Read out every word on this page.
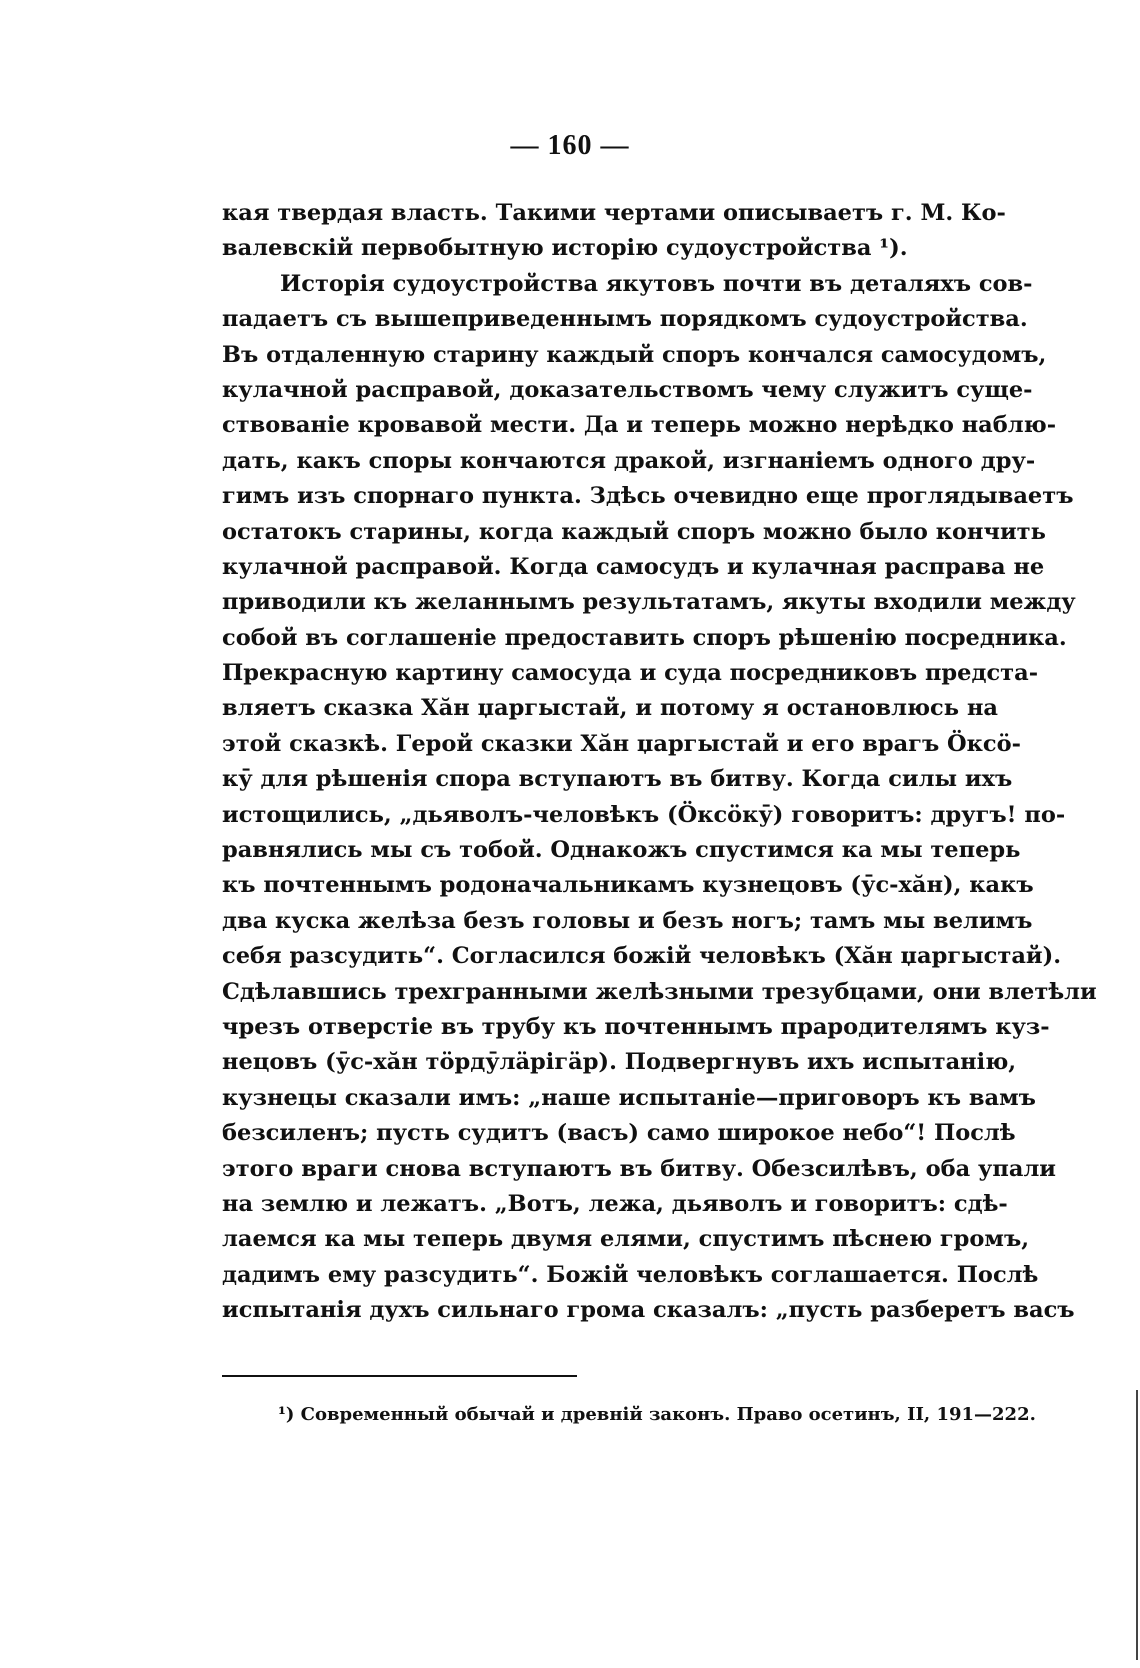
— 160 —
кая твердая власть. Такими чертами описываетъ г. М. Ко-
валевскій первобытную исторію судоустройства ¹).
Исторія судоустройства якутовъ почти въ деталяхъ сов-
падаетъ съ вышеприведеннымъ порядкомъ судоустройства.
Въ отдаленную старину каждый споръ кончался самосудомъ,
кулачной расправой, доказательствомъ чему служитъ суще-
ствованіе кровавой мести. Да и теперь можно нерѣдко наблю-
дать, какъ споры кончаются дракой, изгнаніемъ одного дру-
гимъ изъ спорнаго пункта. Здѣсь очевидно еще проглядываетъ
остатокъ старины, когда каждый споръ можно было кончить
кулачной расправой. Когда самосудъ и кулачная расправа не
приводили къ желаннымъ результатамъ, якуты входили между
собой въ соглашеніе предоставить споръ рѣшенію посредника.
Прекрасную картину самосуда и суда посредниковъ предста-
вляетъ сказка Хӑн џаргыстай, и потому я остановлюсь на
этой сказкѣ. Герой сказки Хӑн џаргыстай и его врагъ Ӧксӧ-
кӯ для рѣшенія спора вступаютъ въ битву. Когда силы ихъ
истощились, „дьяволъ-человѣкъ (Ӧксӧкӯ) говоритъ: другъ! по-
равнялись мы съ тобой. Однакожъ спустимся ка мы теперь
къ почтеннымъ родоначальникамъ кузнецовъ (ӯс-хӑн), какъ
два куска желѣза безъ головы и безъ ногъ; тамъ мы велимъ
себя разсудить“. Согласился божій человѣкъ (Хӑн џаргыстай).
Сдѣлавшись трехгранными желѣзными трезубцами, они влетѣли
чрезъ отверстіе въ трубу къ почтеннымъ прародителямъ куз-
нецовъ (ӯс-хӑн тӧрдӯлӓрігӓр). Подвергнувъ ихъ испытанію,
кузнецы сказали имъ: „наше испытаніе—приговоръ къ вамъ
безсиленъ; пусть судитъ (васъ) само широкое небо“! Послѣ
этого враги снова вступаютъ въ битву. Обезсилѣвъ, оба упали
на землю и лежатъ. „Вотъ, лежа, дьяволъ и говоритъ: сдѣ-
лаемся ка мы теперь двумя елями, спустимъ пѣснею громъ,
дадимъ ему разсудить“. Божій человѣкъ соглашается. Послѣ
испытанія духъ сильнаго грома сказалъ: „пусть разберетъ васъ
¹) Современный обычай и древній законъ. Право осетинъ, II, 191—222.
